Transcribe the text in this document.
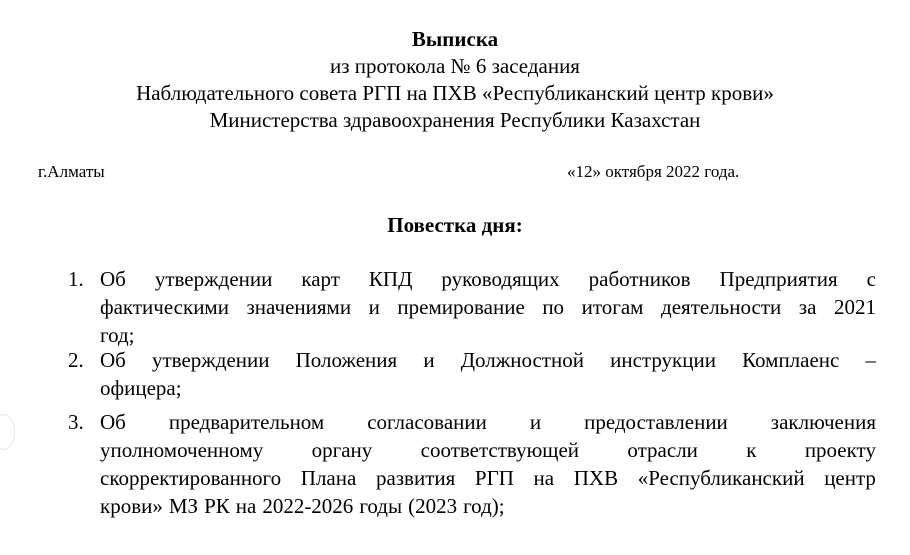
Выписка
из протокола № 6 заседания
Наблюдательного совета РГП на ПХВ «Республиканский центр крови»
Министерства здравоохранения Республики Казахстан
г.Алматы	«12» октября 2022 года.
Повестка дня:
1. Об утверждении карт КПД руководящих работников Предприятия с
фактическими значениями и премирование по итогам деятельности за 2021
год;
2. Об утверждении Положения и Должностной инструкции Комплаенс –
офицера;
3. Об предварительном согласовании и предоставлении заключения
уполномоченному органу соответствующей отрасли к проекту
скорректированного Плана развития РГП на ПХВ «Республиканский центр
крови» МЗ РК на 2022-2026 годы (2023 год);
